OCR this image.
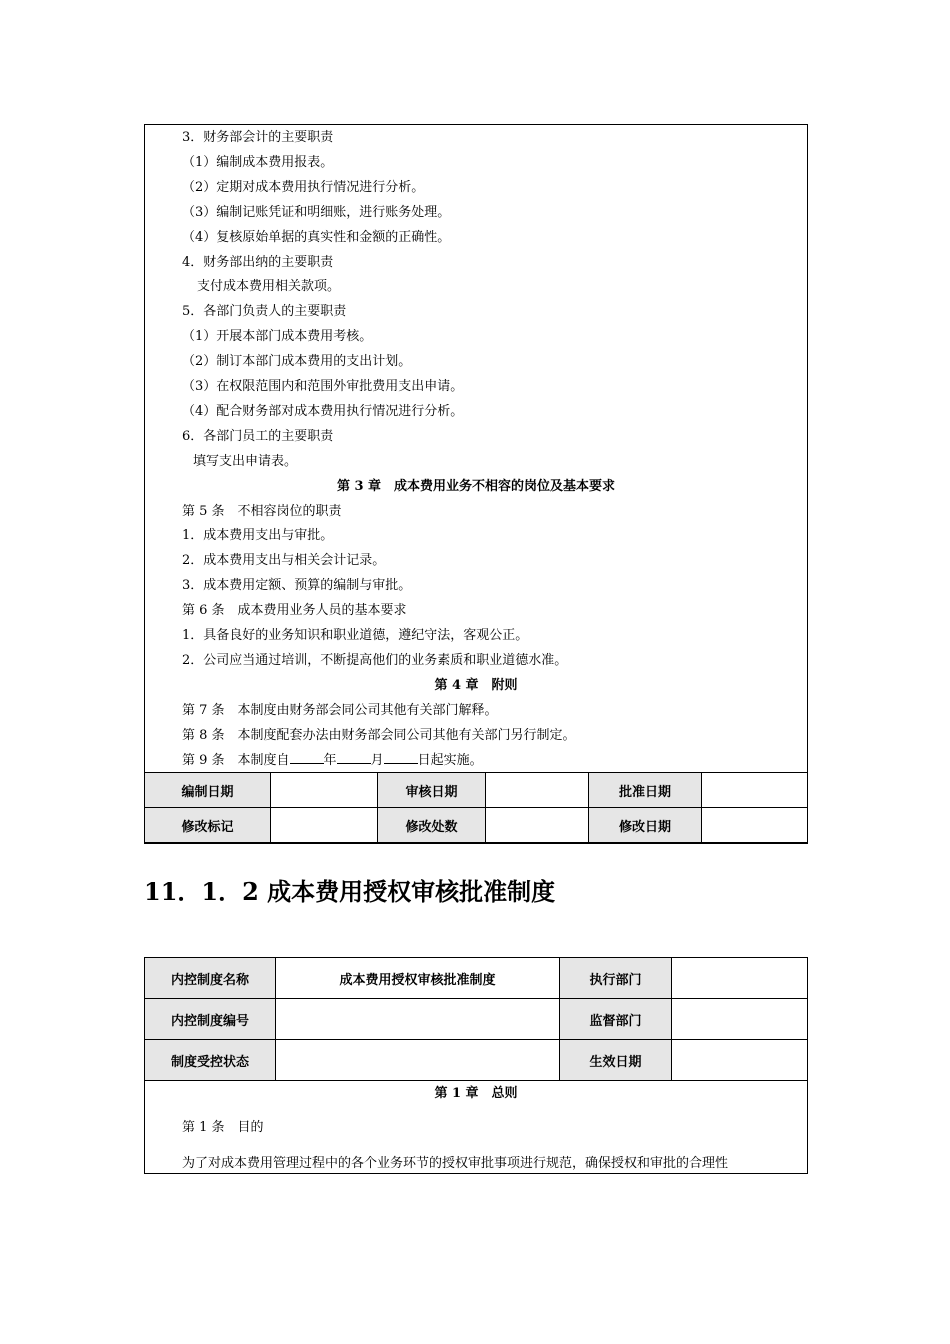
3．财务部会计的主要职责
（1）编制成本费用报表。
（2）定期对成本费用执行情况进行分析。
（3）编制记账凭证和明细账，进行账务处理。
（4）复核原始单据的真实性和金额的正确性。
4．财务部出纳的主要职责
支付成本费用相关款项。
5．各部门负责人的主要职责
（1）开展本部门成本费用考核。
（2）制订本部门成本费用的支出计划。
（3）在权限范围内和范围外审批费用支出申请。
（4）配合财务部对成本费用执行情况进行分析。
6．各部门员工的主要职责
填写支出申请表。
第 3 章　成本费用业务不相容的岗位及基本要求
第 5 条　不相容岗位的职责
1．成本费用支出与审批。
2．成本费用支出与相关会计记录。
3．成本费用定额、预算的编制与审批。
第 6 条　成本费用业务人员的基本要求
1．具备良好的业务知识和职业道德，遵纪守法，客观公正。
2．公司应当通过培训，不断提高他们的业务素质和职业道德水准。
第 4 章　附则
第 7 条　本制度由财务部会同公司其他有关部门解释。
第 8 条　本制度配套办法由财务部会同公司其他有关部门另行制定。
第 9 条　本制度自	年	月	日起实施。
编制日期		审核日期		批准日期	
修改标记		修改处数		修改日期	
11．1．2 成本费用授权审核批准制度
内控制度名称	成本费用授权审核批准制度	执行部门	
内控制度编号		监督部门	
制度受控状态		生效日期	
第 1 章　总则
第 1 条　目的
为了对成本费用管理过程中的各个业务环节的授权审批事项进行规范，确保授权和审批的合理性
